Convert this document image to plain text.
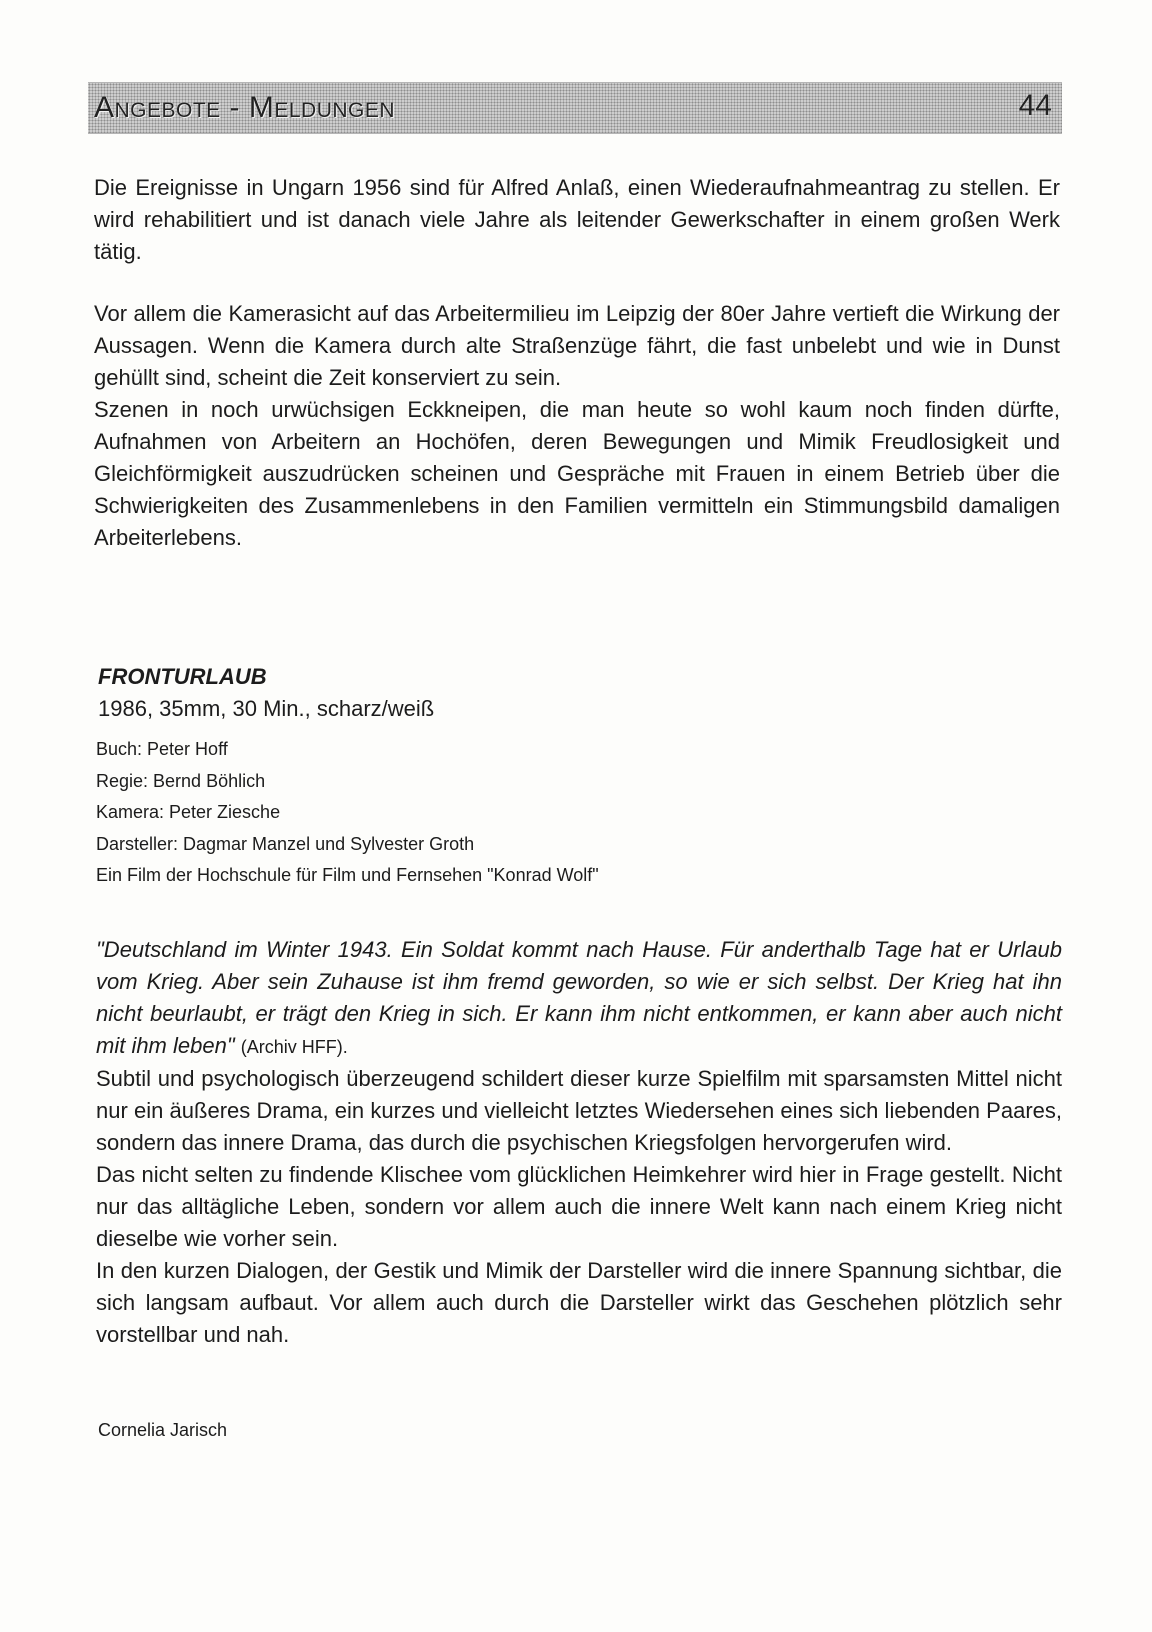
Angebote - Meldungen	44

Die Ereignisse in Ungarn 1956 sind für Alfred Anlaß, einen Wiederaufnahmeantrag zu stellen. Er wird rehabilitiert und ist danach viele Jahre als leitender Gewerkschafter in einem großen Werk tätig.

Vor allem die Kamerasicht auf das Arbeitermilieu im Leipzig der 80er Jahre vertieft die Wirkung der Aussagen. Wenn die Kamera durch alte Straßenzüge fährt, die fast unbelebt und wie in Dunst gehüllt sind, scheint die Zeit konserviert zu sein.
Szenen in noch urwüchsigen Eckkneipen, die man heute so wohl kaum noch finden dürfte, Aufnahmen von Arbeitern an Hochöfen, deren Bewegungen und Mimik Freudlosigkeit und Gleichförmigkeit auszudrücken scheinen und Gespräche mit Frauen in einem Betrieb über die Schwierigkeiten des Zusammenlebens in den Familien vermitteln ein Stimmungsbild damaligen Arbeiterlebens.
FRONTURLAUB

1986, 35mm, 30 Min., scharz/weiß

Buch: Peter Hoff
Regie: Bernd Böhlich
Kamera: Peter Ziesche
Darsteller: Dagmar Manzel und Sylvester Groth
Ein Film der Hochschule für Film und Fernsehen "Konrad Wolf"
"Deutschland im Winter 1943. Ein Soldat kommt nach Hause. Für anderthalb Tage hat er Urlaub vom Krieg. Aber sein Zuhause ist ihm fremd geworden, so wie er sich selbst. Der Krieg hat ihn nicht beurlaubt, er trägt den Krieg in sich. Er kann ihm nicht entkommen, er kann aber auch nicht mit ihm leben" (Archiv HFF).
Subtil und psychologisch überzeugend schildert dieser kurze Spielfilm mit sparsamsten Mittel nicht nur ein äußeres Drama, ein kurzes und vielleicht letztes Wiedersehen eines sich liebenden Paares, sondern das innere Drama, das durch die psychischen Kriegsfolgen hervorgerufen wird.
Das nicht selten zu findende Klischee vom glücklichen Heimkehrer wird hier in Frage gestellt. Nicht nur das alltägliche Leben, sondern vor allem auch die innere Welt kann nach einem Krieg nicht dieselbe wie vorher sein.
In den kurzen Dialogen, der Gestik und Mimik der Darsteller wird die innere Spannung sichtbar, die sich langsam aufbaut. Vor allem auch durch die Darsteller wirkt das Geschehen plötzlich sehr vorstellbar und nah.

Cornelia Jarisch
